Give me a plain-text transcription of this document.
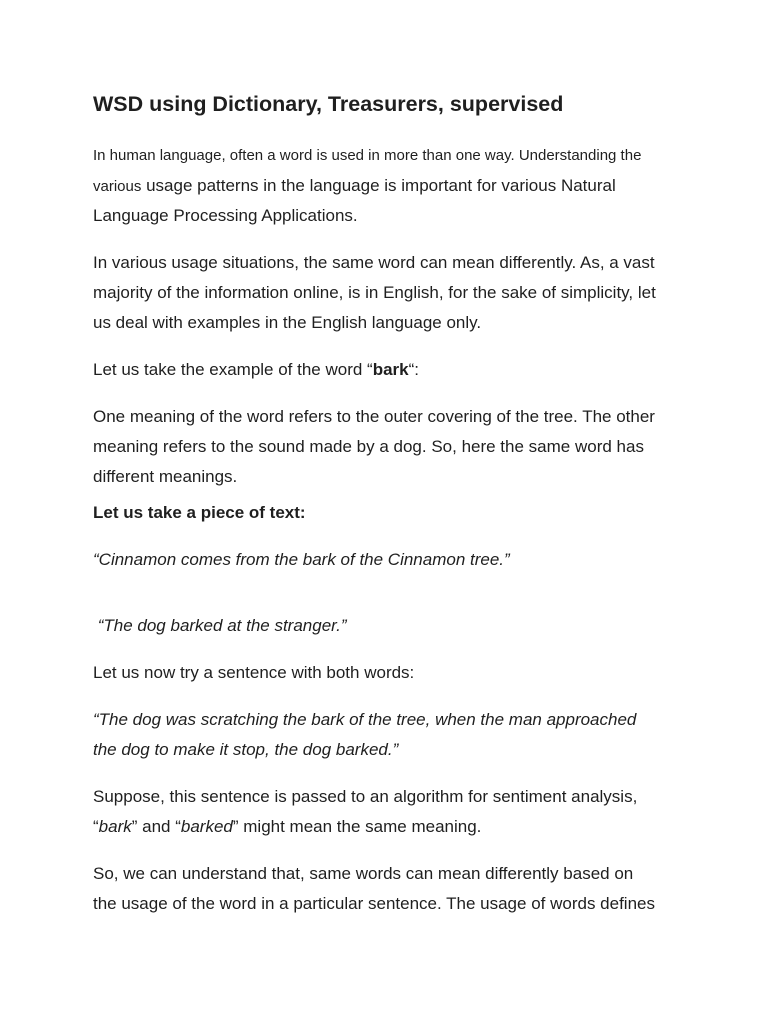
WSD using Dictionary, Treasurers, supervised

In human language, often a word is used in more than one way. Understanding the
various usage patterns in the language is important for various Natural
Language Processing Applications.

In various usage situations, the same word can mean differently. As, a vast
majority of the information online, is in English, for the sake of simplicity, let
us deal with examples in the English language only.

Let us take the example of the word “bark“:

One meaning of the word refers to the outer covering of the tree. The other
meaning refers to the sound made by a dog. So, here the same word has
different meanings.

Let us take a piece of text:

“Cinnamon comes from the bark of the Cinnamon tree.”

“The dog barked at the stranger.”

Let us now try a sentence with both words:

“The dog was scratching the bark of the tree, when the man approached
the dog to make it stop, the dog barked.”

Suppose, this sentence is passed to an algorithm for sentiment analysis,
“bark” and “barked” might mean the same meaning.

So, we can understand that, same words can mean differently based on
the usage of the word in a particular sentence. The usage of words defines
